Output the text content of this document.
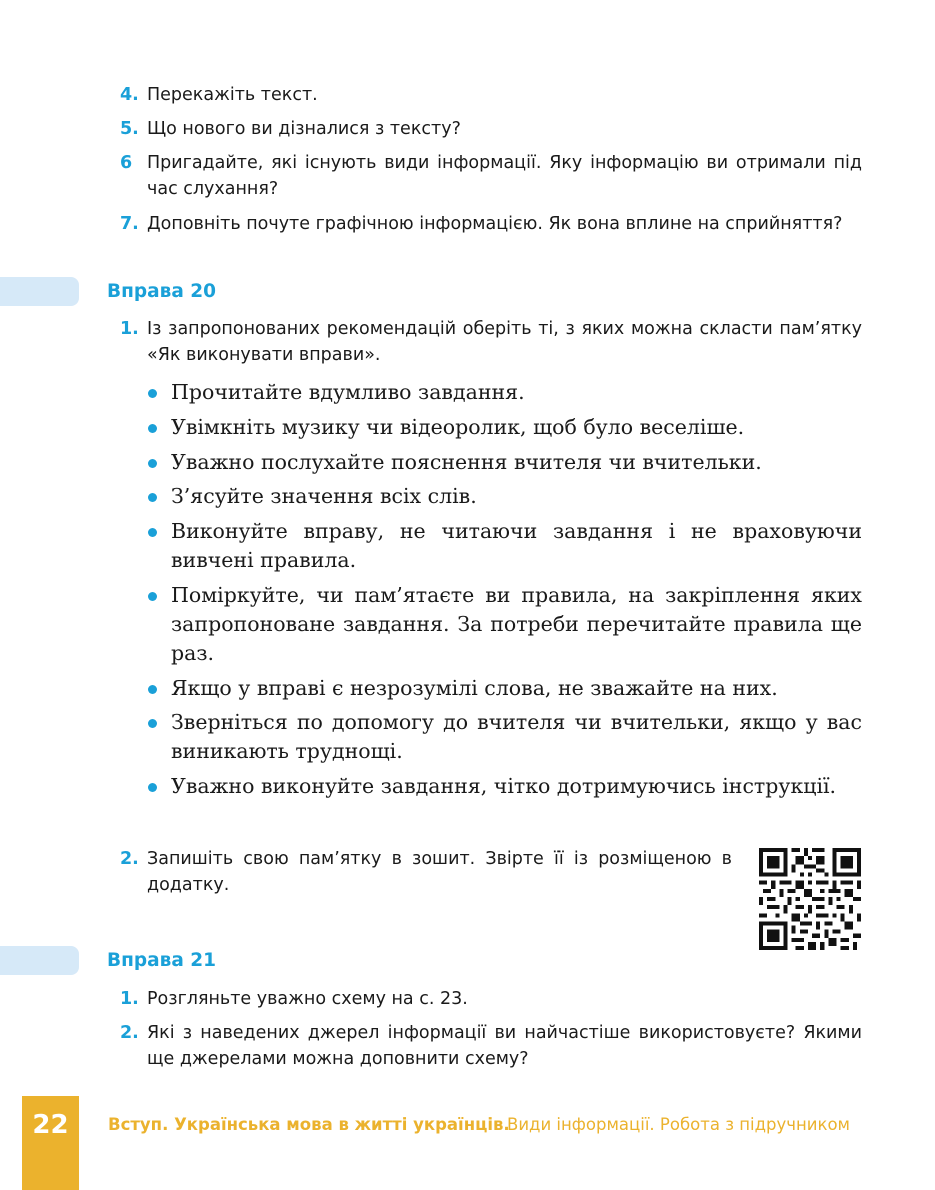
4. Перекажіть текст.
5. Що нового ви дізналися з тексту?
6 Пригадайте, які існують види інформації. Яку інформацію ви отримали під час слухання?
7. Доповніть почуте графічною інформацією. Як вона вплине на сприйняття?
Вправа 20
1. Із запропонованих рекомендацій оберіть ті, з яких можна скласти пам’ятку «Як виконувати вправи».
Прочитайте вдумливо завдання.
Увімкніть музику чи відеоролик, щоб було веселіше.
Уважно послухайте пояснення вчителя чи вчительки.
З’ясуйте значення всіх слів.
Виконуйте вправу, не читаючи завдання і не враховуючи вивчені правила.
Поміркуйте, чи пам’ятаєте ви правила, на закріплення яких запропоноване завдання. За потреби перечитайте правила ще раз.
Якщо у вправі є незрозумілі слова, не зважайте на них.
Зверніться по допомогу до вчителя чи вчительки, якщо у вас виникають труднощі.
Уважно виконуйте завдання, чітко дотримуючись інструкції.
2. Запишіть свою пам’ятку в зошит. Звірте її із розміщеною в додатку.
Вправа 21
1. Розгляньте уважно схему на с. 23.
2. Які з наведених джерел інформації ви найчастіше використовуєте? Якими ще джерелами можна доповнити схему?
22	Вступ. Українська мова в житті українців.
Види інформації. Робота з підручником
